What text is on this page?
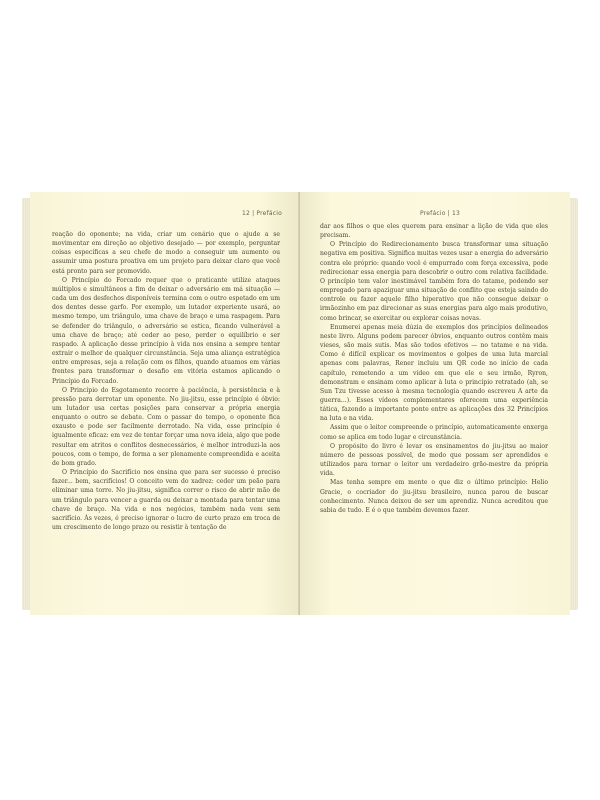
12 | Prefácio

reação do oponente; na vida, criar um cenário que o ajude a se movimentar em direção ao objetivo desejado — por exemplo, perguntar coisas específicas a seu chefe de modo a conseguir um aumento ou assumir uma postura proativa em um projeto para deixar claro que você está pronto para ser promovido.

O Princípio do Forcado requer que o praticante utilize ataques múltiplos e simultâneos a fim de deixar o adversário em má situação — cada um dos desfechos disponíveis termina com o outro espetado em um dos dentes desse garfo. Por exemplo, um lutador experiente usará, ao mesmo tempo, um triângulo, uma chave de braço e uma raspagem. Para se defender do triângulo, o adversário se estica, ficando vulnerável a uma chave de braço; até ceder ao peso, perder o equilíbrio e ser raspado. A aplicação desse princípio à vida nos ensina a sempre tentar extrair o melhor de qualquer circunstância. Seja uma aliança estratégica entre empresas, seja a relação com os filhos, quando atuamos em várias frentes para transformar o desafio em vitória estamos aplicando o Princípio do Forcado.

O Princípio do Esgotamento recorre à paciência, à persistência e à pressão para derrotar um oponente. No jiu-jitsu, esse princípio é óbvio: um lutador usa certas posições para conservar a própria energia enquanto o outro se debate. Com o passar do tempo, o oponente fica exausto e pode ser facilmente derrotado. Na vida, esse princípio é igualmente eficaz: em vez de tentar forçar uma nova ideia, algo que pode resultar em atritos e conflitos desnecessários, é melhor introduzi-la aos poucos, com o tempo, de forma a ser plenamente compreendida e aceita de bom grado.

O Princípio do Sacrifício nos ensina que para ser sucesso é preciso fazer... bem, sacrifícios! O conceito vem do xadrez: ceder um peão para eliminar uma torre. No jiu-jitsu, significa correr o risco de abrir mão de um triângulo para vencer a guarda ou deixar a montada para tentar uma chave de braço. Na vida e nos negócios, também nada vem sem sacrifício. Às vezes, é preciso ignorar o lucro de curto prazo em troca de um crescimento de longo prazo ou resistir à tentação de

Prefácio | 13

dar aos filhos o que eles querem para ensinar a lição de vida que eles precisam.

O Princípio do Redirecionamento busca transformar uma situação negativa em positiva. Significa muitas vezes usar a energia do adversário contra ele próprio: quando você é empurrado com força excessiva, pode redirecionar essa energia para descobrir o outro com relativa facilidade. O princípio tem valor inestimável também fora do tatame, podendo ser empregado para apaziguar uma situação de conflito que esteja saindo do controle ou fazer aquele filho hiperativo que não consegue deixar o irmãozinho em paz direcionar as suas energias para algo mais produtivo, como brincar, se exercitar ou explorar coisas novas.

Enumerei apenas meia dúzia de exemplos dos princípios delineados neste livro. Alguns podem parecer óbvios, enquanto outros contêm mais vieses, são mais sutis. Mas são todos efetivos — no tatame e na vida. Como é difícil explicar os movimentos e golpes de uma luta marcial apenas com palavras, Rener incluiu um QR code no início de cada capítulo, remetendo a um vídeo em que ele e seu irmão, Ryron, demonstram e ensinam como aplicar à luta o princípio retratado (ah, se Sun Tzu tivesse acesso à mesma tecnologia quando escreveu A arte da guerra...). Esses vídeos complementares oferecem uma experiência tática, fazendo a importante ponte entre as aplicações dos 32 Princípios na luta e na vida.

Assim que o leitor compreende o princípio, automaticamente enxerga como se aplica em todo lugar e circunstância.

O propósito do livro é levar os ensinamentos do jiu-jitsu ao maior número de pessoas possível, de modo que possam ser aprendidos e utilizados para tornar o leitor um verdadeiro grão-mestre da própria vida.

Mas tenha sempre em mente o que diz o último princípio: Helio Gracie, o cocriador do jiu-jitsu brasileiro, nunca parou de buscar conhecimento. Nunca deixou de ser um aprendiz. Nunca acreditou que sabia de tudo. E é o que também devemos fazer.
